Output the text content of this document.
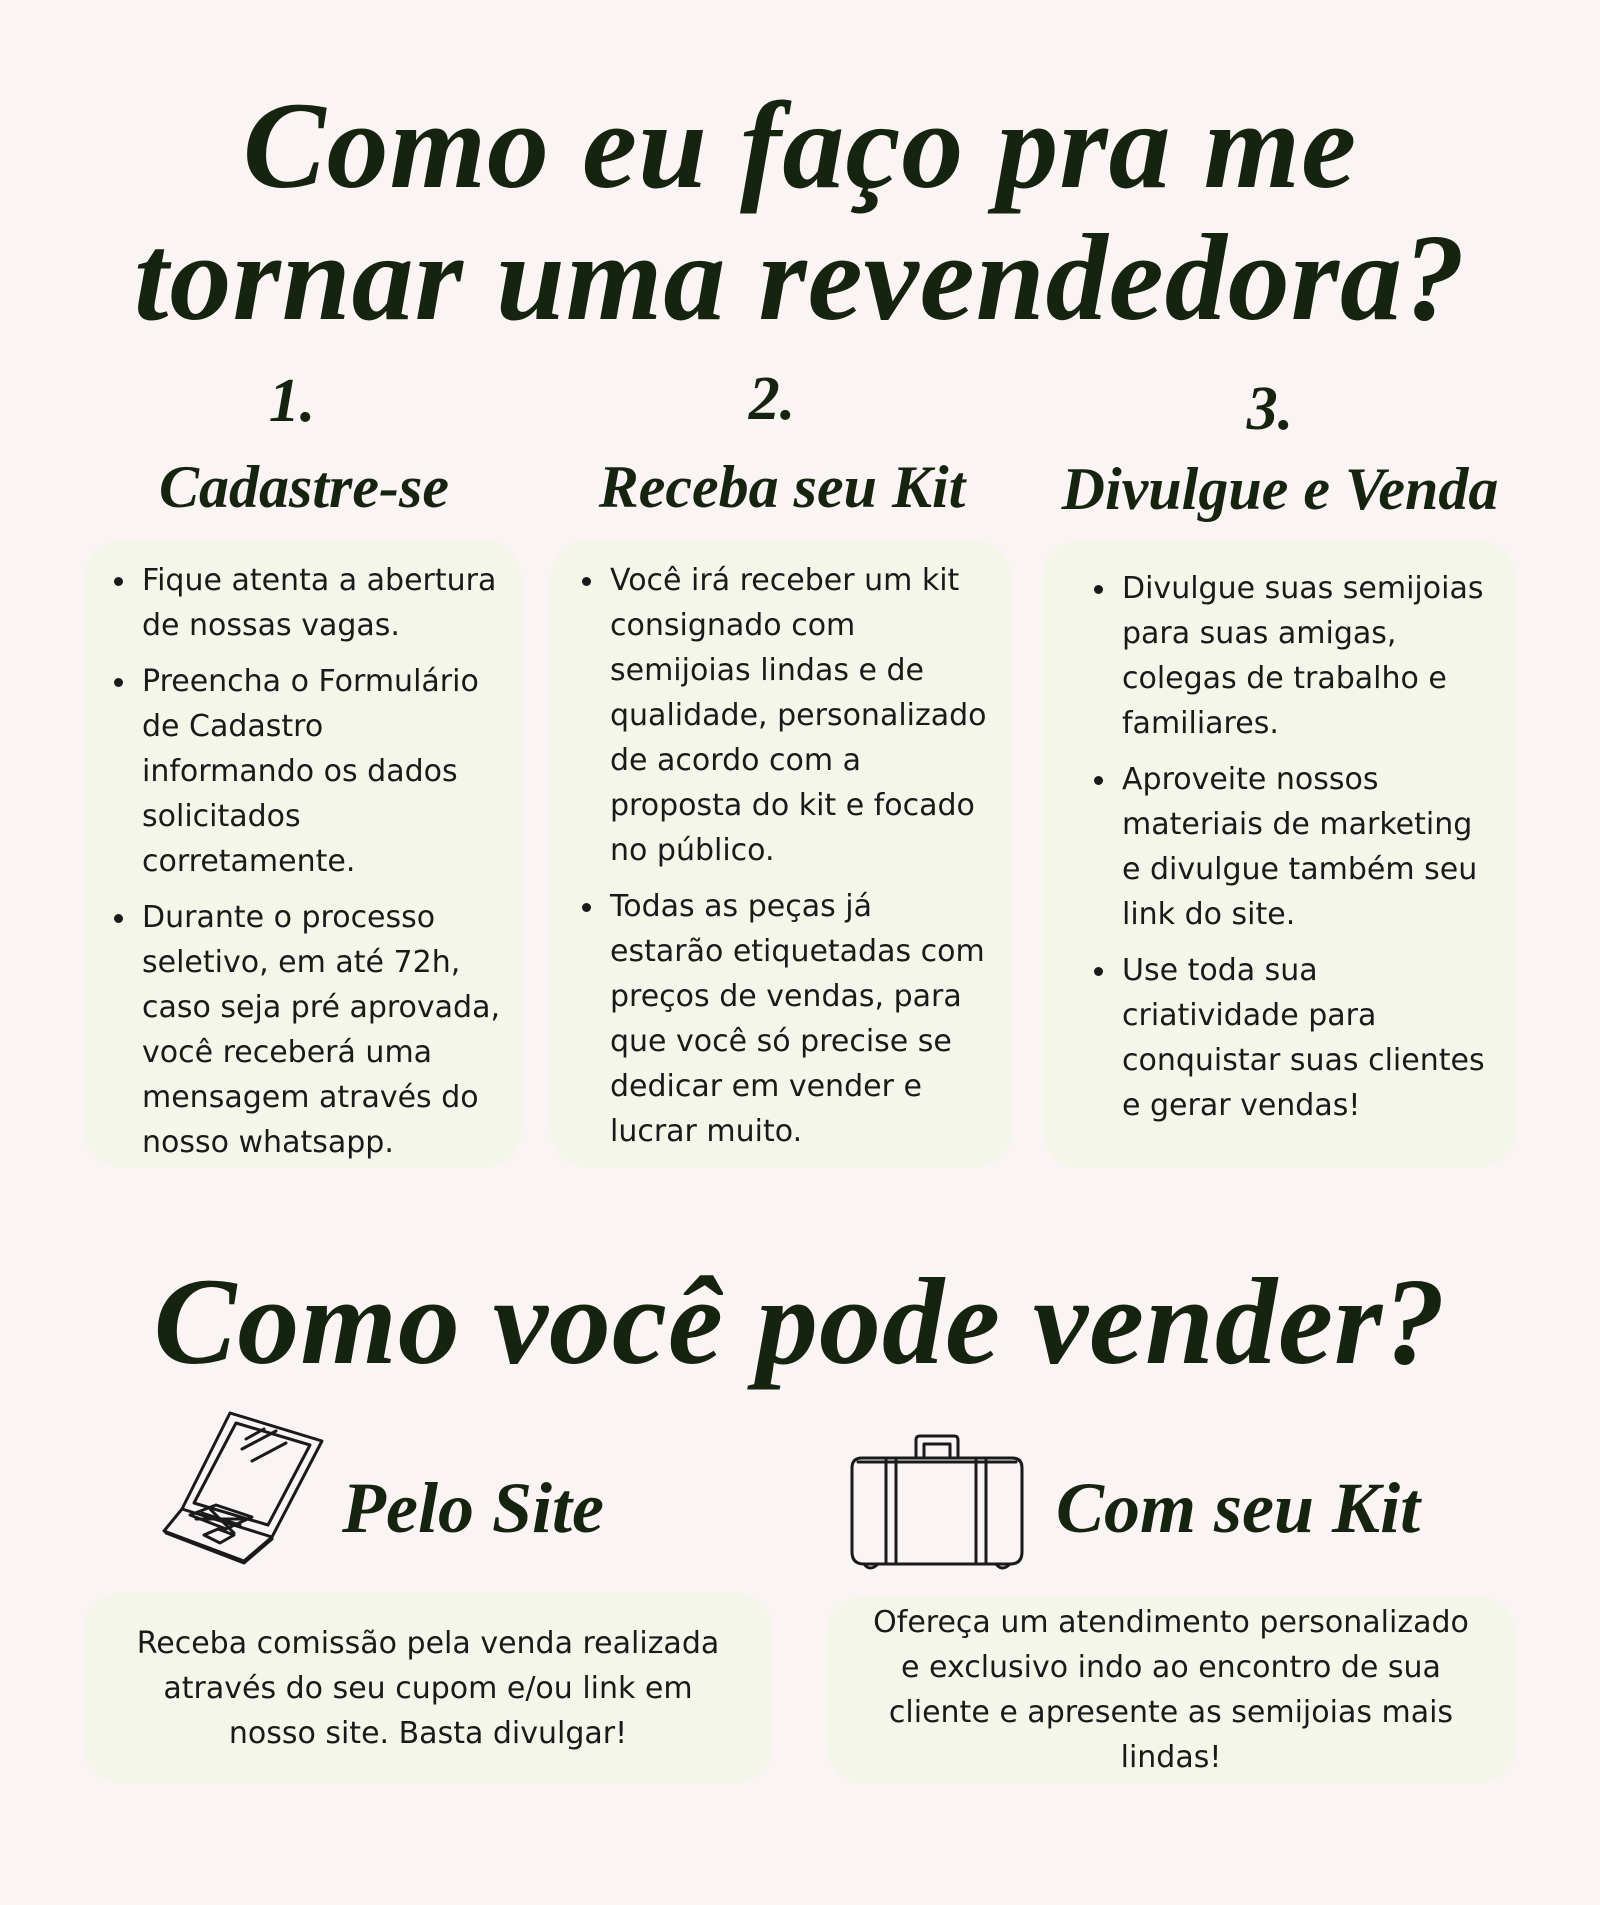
Como eu faço pra me
tornar uma revendedora?
1.
Cadastre-se
Fique atenta a abertura de nossas vagas.
Preencha o Formulário de Cadastro informando os dados solicitados corretamente.
Durante o processo seletivo, em até 72h, caso seja pré aprovada, você receberá uma mensagem através do nosso whatsapp.
2.
Receba seu Kit
Você irá receber um kit consignado com semijoias lindas e de qualidade, personalizado de acordo com a proposta do kit e focado no público.
Todas as peças já estarão etiquetadas com preços de vendas, para que você só precise se dedicar em vender e lucrar muito.
3.
Divulgue e Venda
Divulgue suas semijoias para suas amigas, colegas de trabalho e familiares.
Aproveite nossos materiais de marketing e divulgue também seu link do site.
Use toda sua criatividade para conquistar suas clientes e gerar vendas!
Como você pode vender?
Pelo Site	Com seu Kit

Receba comissão pela venda realizada através do seu cupom e/ou link em nosso site. Basta divulgar!

Ofereça um atendimento personalizado e exclusivo indo ao encontro de sua cliente e apresente as semijoias mais lindas!
